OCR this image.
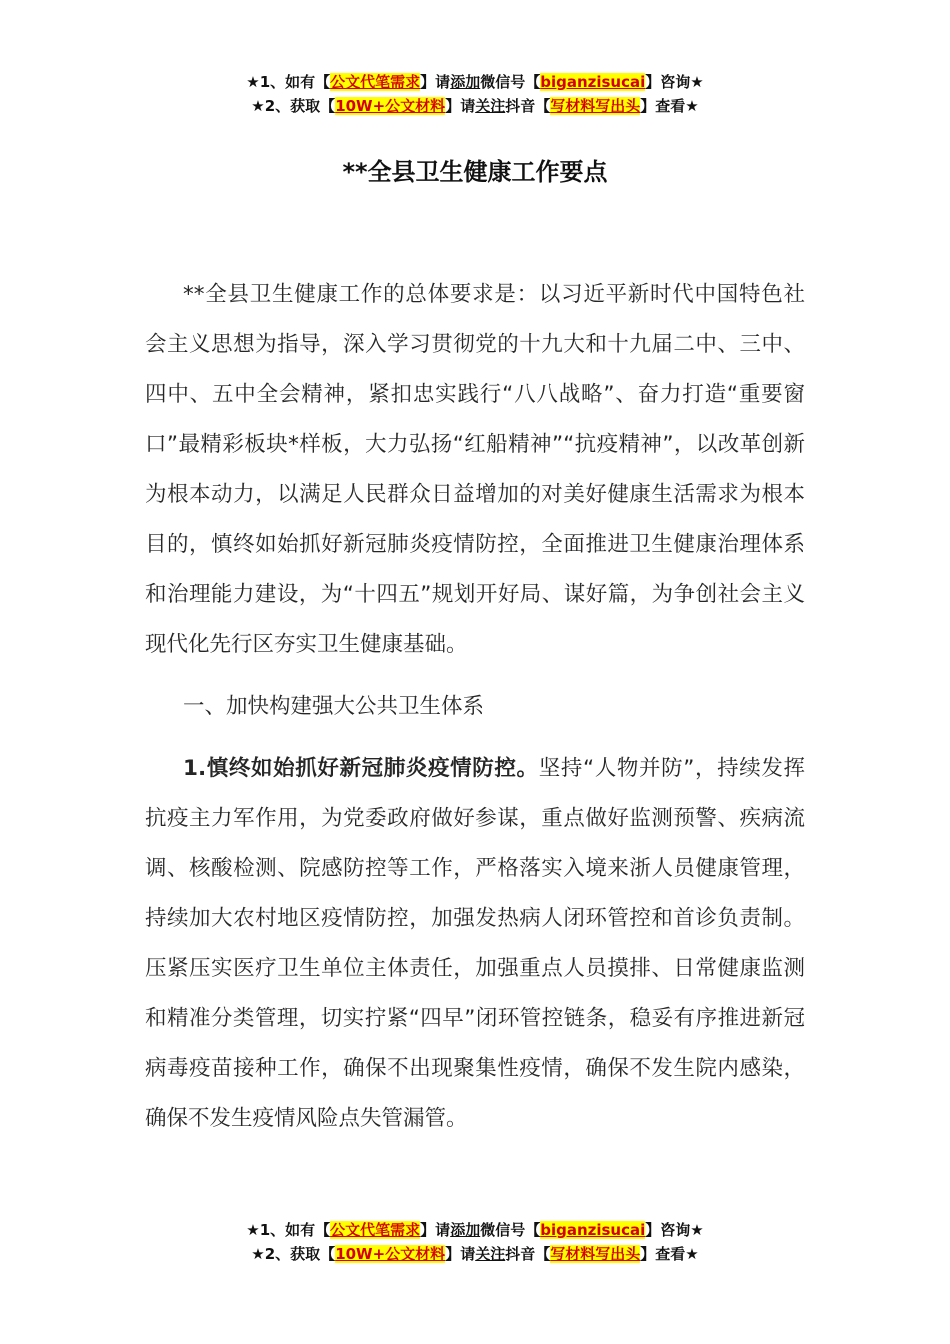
★1、如有【公文代笔需求】请添加微信号【biganzisucai】咨询★
★2、获取【10W+公文材料】请关注抖音【写材料写出头】查看★
**全县卫生健康工作要点

**全县卫生健康工作的总体要求是：以习近平新时代中国特色社会主义思想为指导，深入学习贯彻党的十九大和十九届二中、三中、四中、五中全会精神，紧扣忠实践行“八八战略”、奋力打造“重要窗口”最精彩板块*样板，大力弘扬“红船精神”“抗疫精神”，以改革创新为根本动力，以满足人民群众日益增加的对美好健康生活需求为根本目的，慎终如始抓好新冠肺炎疫情防控，全面推进卫生健康治理体系和治理能力建设，为“十四五”规划开好局、谋好篇，为争创社会主义现代化先行区夯实卫生健康基础。

一、加快构建强大公共卫生体系

1.慎终如始抓好新冠肺炎疫情防控。坚持“人物并防”，持续发挥抗疫主力军作用，为党委政府做好参谋，重点做好监测预警、疾病流调、核酸检测、院感防控等工作，严格落实入境来浙人员健康管理，持续加大农村地区疫情防控，加强发热病人闭环管控和首诊负责制。压紧压实医疗卫生单位主体责任，加强重点人员摸排、日常健康监测和精准分类管理，切实拧紧“四早”闭环管控链条，稳妥有序推进新冠病毒疫苗接种工作，确保不出现聚集性疫情，确保不发生院内感染，确保不发生疫情风险点失管漏管。

★1、如有【公文代笔需求】请添加微信号【biganzisucai】咨询★
★2、获取【10W+公文材料】请关注抖音【写材料写出头】查看★
